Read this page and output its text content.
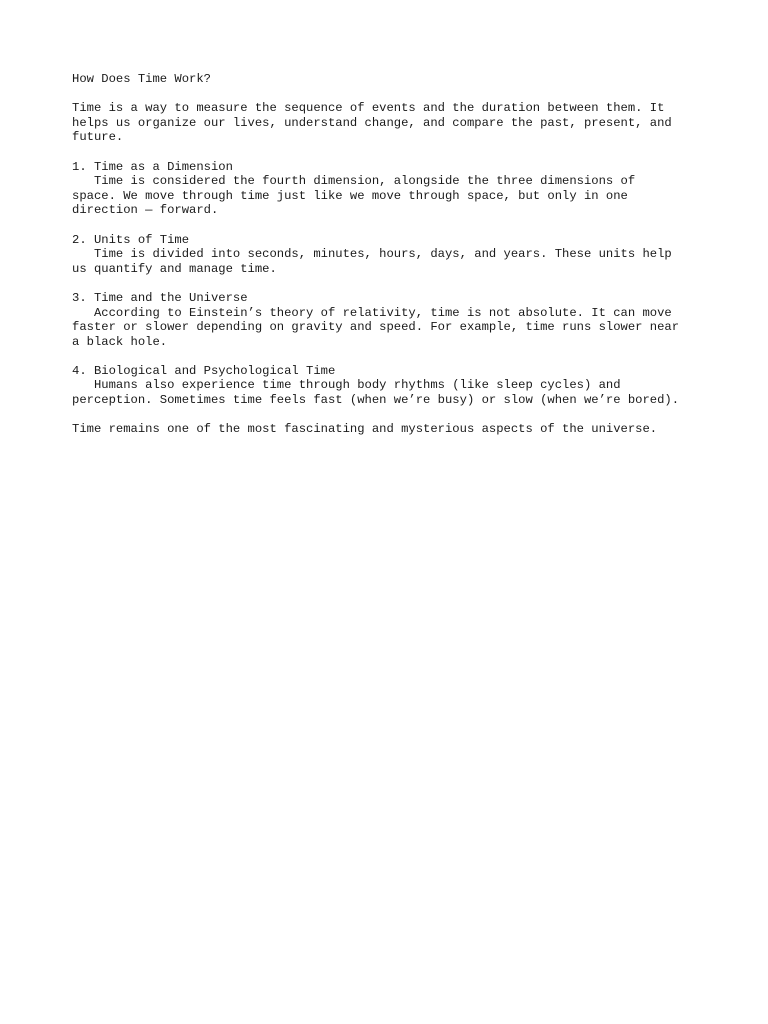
How Does Time Work?
Time is a way to measure the sequence of events and the duration between them. It
helps us organize our lives, understand change, and compare the past, present, and
future.
1. Time as a Dimension
Time is considered the fourth dimension, alongside the three dimensions of
space. We move through time just like we move through space, but only in one
direction — forward.
2. Units of Time
Time is divided into seconds, minutes, hours, days, and years. These units help
us quantify and manage time.
3. Time and the Universe
According to Einstein’s theory of relativity, time is not absolute. It can move
faster or slower depending on gravity and speed. For example, time runs slower near
a black hole.
4. Biological and Psychological Time
Humans also experience time through body rhythms (like sleep cycles) and
perception. Sometimes time feels fast (when we’re busy) or slow (when we’re bored).
Time remains one of the most fascinating and mysterious aspects of the universe.
